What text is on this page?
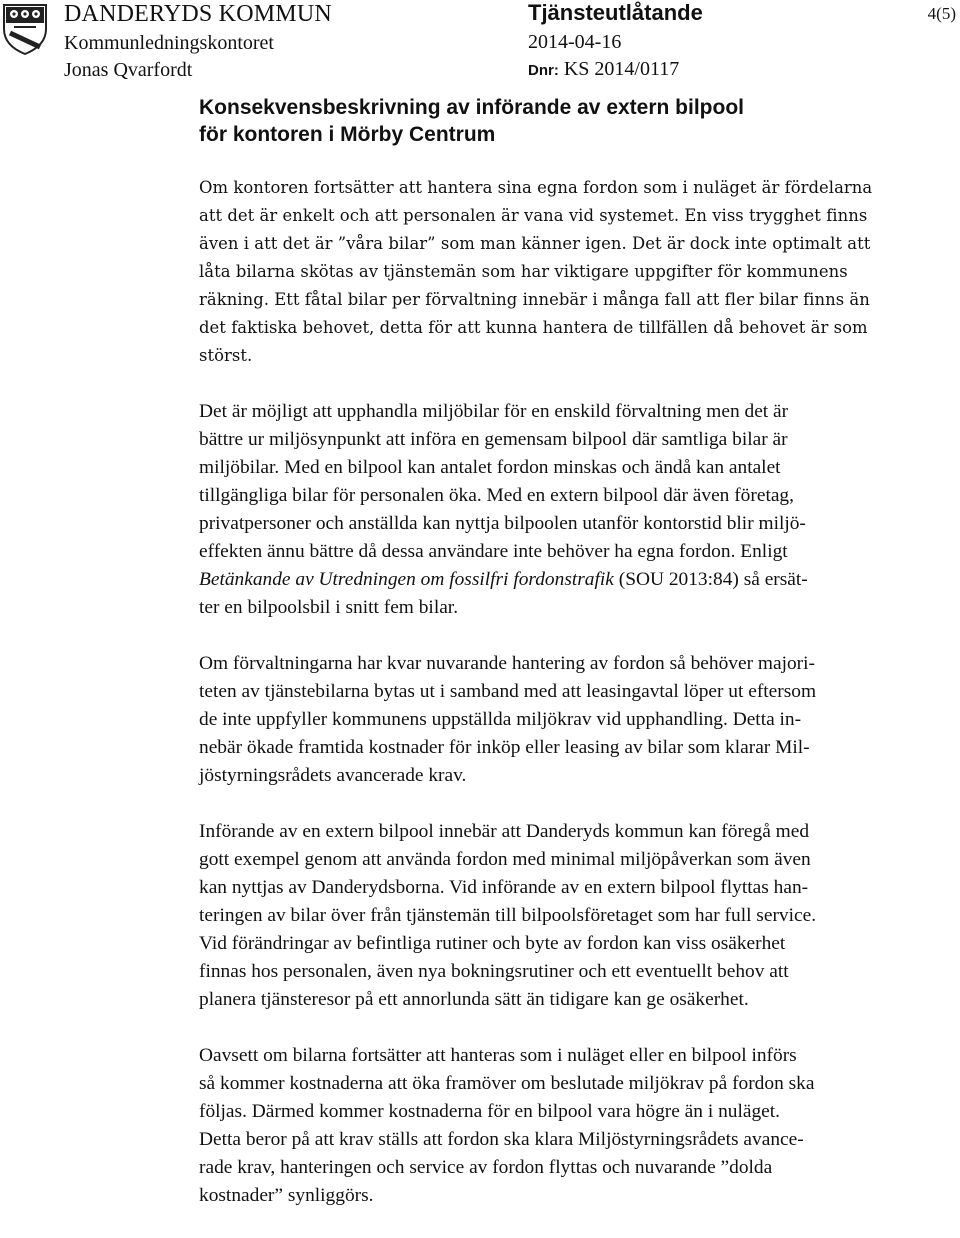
DANDERYDS KOMMUN
Kommunledningskontoret
Jonas Qvarfordt
Tjänsteutlåtande
2014-04-16
Dnr: KS 2014/0117
4(5)
Konsekvensbeskrivning av införande av extern bilpool
för kontoren i Mörby Centrum

Om kontoren fortsätter att hantera sina egna fordon som i nuläget är fördelarna
att det är enkelt och att personalen är vana vid systemet. En viss trygghet finns
även i att det är ”våra bilar” som man känner igen. Det är dock inte optimalt att
låta bilarna skötas av tjänstemän som har viktigare uppgifter för kommunens
räkning. Ett fåtal bilar per förvaltning innebär i många fall att fler bilar finns än
det faktiska behovet, detta för att kunna hantera de tillfällen då behovet är som
störst.

Det är möjligt att upphandla miljöbilar för en enskild förvaltning men det är
bättre ur miljösynpunkt att införa en gemensam bilpool där samtliga bilar är
miljöbilar. Med en bilpool kan antalet fordon minskas och ändå kan antalet
tillgängliga bilar för personalen öka. Med en extern bilpool där även företag,
privatpersoner och anställda kan nyttja bilpoolen utanför kontorstid blir miljö-
effekten ännu bättre då dessa användare inte behöver ha egna fordon. Enligt
Betänkande av Utredningen om fossilfri fordonstrafik (SOU 2013:84) så ersät-
ter en bilpoolsbil i snitt fem bilar.

Om förvaltningarna har kvar nuvarande hantering av fordon så behöver majori-
teten av tjänstebilarna bytas ut i samband med att leasingavtal löper ut eftersom
de inte uppfyller kommunens uppställda miljökrav vid upphandling. Detta in-
nebär ökade framtida kostnader för inköp eller leasing av bilar som klarar Mil-
jöstyrningsrådets avancerade krav.

Införande av en extern bilpool innebär att Danderyds kommun kan föregå med
gott exempel genom att använda fordon med minimal miljöpåverkan som även
kan nyttjas av Danderydsborna. Vid införande av en extern bilpool flyttas han-
teringen av bilar över från tjänstemän till bilpoolsföretaget som har full service.
Vid förändringar av befintliga rutiner och byte av fordon kan viss osäkerhet
finnas hos personalen, även nya bokningsrutiner och ett eventuellt behov att
planera tjänsteresor på ett annorlunda sätt än tidigare kan ge osäkerhet.

Oavsett om bilarna fortsätter att hanteras som i nuläget eller en bilpool införs
så kommer kostnaderna att öka framöver om beslutade miljökrav på fordon ska
följas. Därmed kommer kostnaderna för en bilpool vara högre än i nuläget.
Detta beror på att krav ställs att fordon ska klara Miljöstyrningsrådets avance-
rade krav, hanteringen och service av fordon flyttas och nuvarande ”dolda
kostnader” synliggörs.
